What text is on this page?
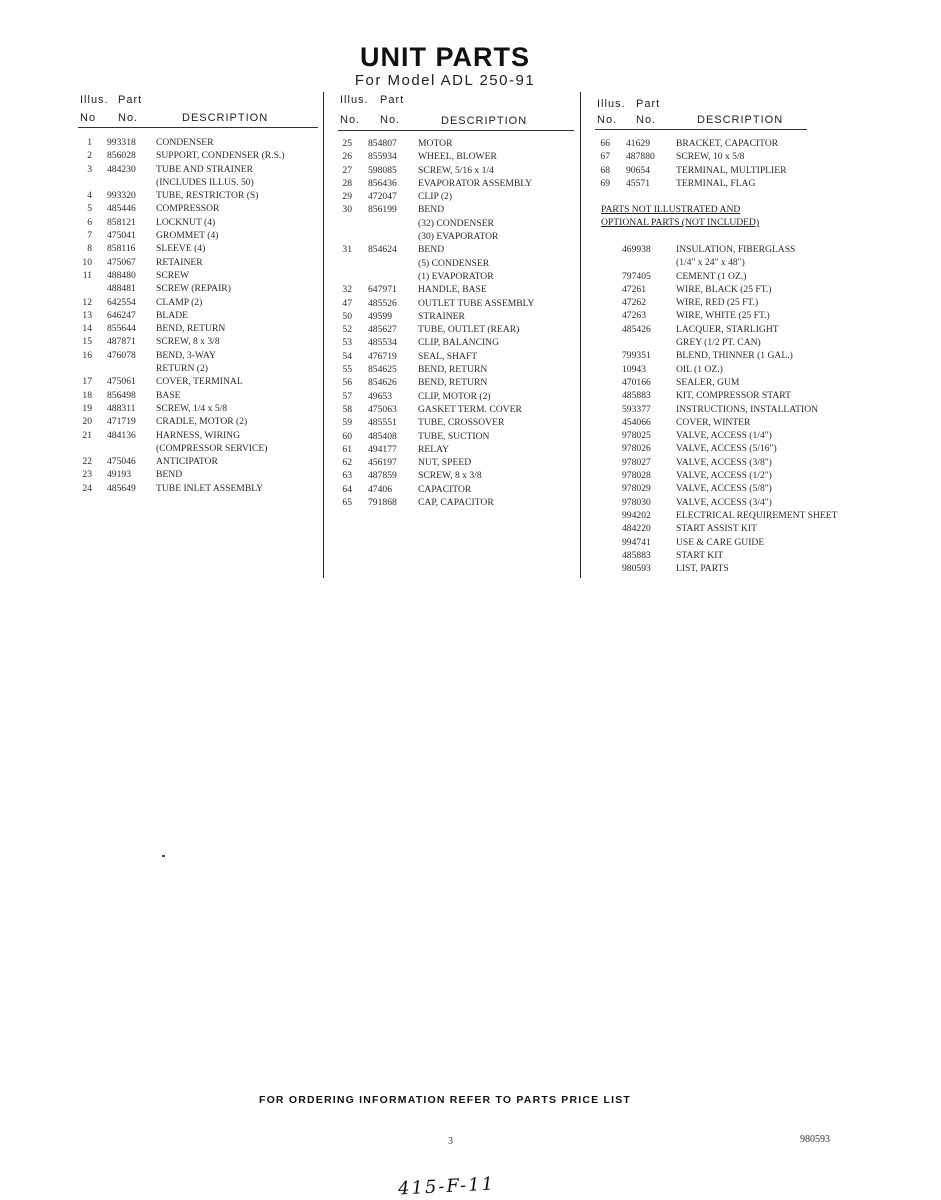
UNIT PARTS
For Model ADL 250-91
Illus. Part
No No.	DESCRIPTION
Illus. Part
No. No.	DESCRIPTION
Illus. Part
No. No.	DESCRIPTION
1 993318 CONDENSER
2 856028 SUPPORT, CONDENSER (R.S.)
3 484230 TUBE AND STRAINER
(INCLUDES ILLUS. 50)
4 993320 TUBE, RESTRICTOR (S)
5 485446 COMPRESSOR
6 858121 LOCKNUT (4)
7 475041 GROMMET (4)
8 858116 SLEEVE (4)
10 475067 RETAINER
11 488480 SCREW
488481 SCREW (REPAIR)
12 642554 CLAMP (2)
13 646247 BLADE
14 855644 BEND, RETURN
15 487871 SCREW, 8 x 3/8
16 476078 BEND, 3-WAY
RETURN (2)
17 475061 COVER, TERMINAL
18 856498 BASE
19 488311 SCREW, 1/4 x 5/8
20 471719 CRADLE, MOTOR (2)
21 484136 HARNESS, WIRING
(COMPRESSOR SERVICE)
22 475046 ANTICIPATOR
23 49193	BEND
24 485649 TUBE INLET ASSEMBLY
25 854807 MOTOR
26 855934 WHEEL, BLOWER
27 598085 SCREW, 5/16 x 1/4
28 856436 EVAPORATOR ASSEMBLY
29 472047 CLIP (2)
30 856199 BEND
(32) CONDENSER
(30) EVAPORATOR
31 854624 BEND
(5) CONDENSER
(1) EVAPORATOR
32 647971 HANDLE, BASE
47 485526 OUTLET TUBE ASSEMBLY
50 49599	STRAINER
52 485627 TUBE, OUTLET (REAR)
53 485534 CLIP, BALANCING
54 476719 SEAL, SHAFT
55 854625 BEND, RETURN
56 854626 BEND, RETURN
57 49653	CLIP, MOTOR (2)
58 475063 GASKET TERM. COVER
59 485551 TUBE, CROSSOVER
60 485408 TUBE, SUCTION
61 494177 RELAY
62 456197 NUT, SPEED
63 487859 SCREW, 8 x 3/8
64 47406	CAPACITOR
65 791868 CAP, CAPACITOR
66 41629	BRACKET, CAPACITOR
67 487880 SCREW, 10 x 5/8
68 90654	TERMINAL, MULTIPLIER
69 45571	TERMINAL, FLAG
PARTS NOT ILLUSTRATED AND
OPTIONAL PARTS (NOT INCLUDED)
469938	INSULATION, FIBERGLASS
(1/4" x 24" x 48")
797405	CEMENT (1 OZ.)
47261	WIRE, BLACK (25 FT.)
47262	WIRE, RED (25 FT.)
47263	WIRE, WHITE (25 FT.)
485426	LACQUER, STARLIGHT
GREY (1/2 PT. CAN)
799351	BLEND, THINNER (1 GAL.)
10943	OIL (1 OZ.)
470166	SEALER, GUM
485883	KIT, COMPRESSOR START
593377	INSTRUCTIONS, INSTALLATION
454066	COVER, WINTER
978025	VALVE, ACCESS (1/4")
978026	VALVE, ACCESS (5/16")
978027	VALVE, ACCESS (3/8")
978028	VALVE, ACCESS (1/2")
978029	VALVE, ACCESS (5/8")
978030	VALVE, ACCESS (3/4")
994202	ELECTRICAL REQUIREMENT SHEET
484220	START ASSIST KIT
994741	USE & CARE GUIDE
485883	START KIT
980593	LIST, PARTS
FOR ORDERING INFORMATION REFER TO PARTS PRICE LIST
3	980593
415-F-11
